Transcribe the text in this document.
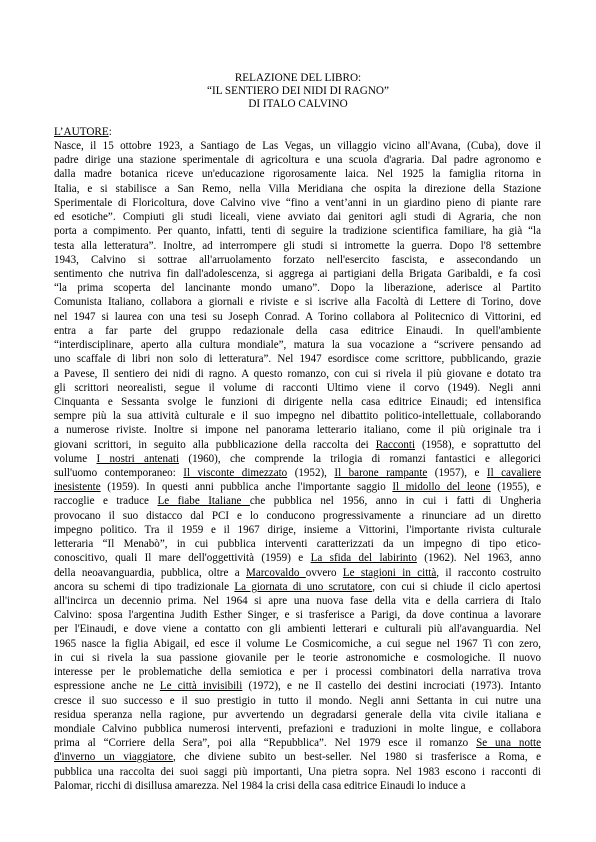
RELAZIONE DEL LIBRO:
“IL SENTIERO DEI NIDI DI RAGNO”
DI ITALO CALVINO
L’AUTORE:
Nasce, il 15 ottobre 1923, a Santiago de Las Vegas, un villaggio vicino all'Avana, (Cuba), dove il
padre dirige una stazione sperimentale di agricoltura e una scuola d'agraria. Dal padre agronomo e
dalla madre botanica riceve un'educazione rigorosamente laica. Nel 1925 la famiglia ritorna in
Italia, e si stabilisce a San Remo, nella Villa Meridiana che ospita la direzione della Stazione
Sperimentale di Floricoltura, dove Calvino vive “fino a vent’anni in un giardino pieno di piante rare
ed esotiche”. Compiuti gli studi liceali, viene avviato dai genitori agli studi di Agraria, che non
porta a compimento. Per quanto, infatti, tenti di seguire la tradizione scientifica familiare, ha già “la
testa alla letteratura”. Inoltre, ad interrompere gli studi si intromette la guerra. Dopo l'8 settembre
1943, Calvino si sottrae all'arruolamento forzato nell'esercito fascista, e assecondando un
sentimento che nutriva fin dall'adolescenza, si aggrega ai partigiani della Brigata Garibaldi, e fa così
“la prima scoperta del lancinante mondo umano”. Dopo la liberazione, aderisce al Partito
Comunista Italiano, collabora a giornali e riviste e si iscrive alla Facoltà di Lettere di Torino, dove
nel 1947 si laurea con una tesi su Joseph Conrad. A Torino collabora al Politecnico di Vittorini, ed
entra a far parte del gruppo redazionale della casa editrice Einaudi. In quell'ambiente
“interdisciplinare, aperto alla cultura mondiale”, matura la sua vocazione a “scrivere pensando ad
uno scaffale di libri non solo di letteratura”. Nel 1947 esordisce come scrittore, pubblicando, grazie
a Pavese, Il sentiero dei nidi di ragno. A questo romanzo, con cui si rivela il più giovane e dotato tra
gli scrittori neorealisti, segue il volume di racconti Ultimo viene il corvo (1949). Negli anni
Cinquanta e Sessanta svolge le funzioni di dirigente nella casa editrice Einaudi; ed intensifica
sempre più la sua attività culturale e il suo impegno nel dibattito politico-intellettuale, collaborando
a numerose riviste. Inoltre si impone nel panorama letterario italiano, come il più originale tra i
giovani scrittori, in seguito alla pubblicazione della raccolta dei Racconti (1958), e soprattutto del
volume I nostri antenati (1960), che comprende la trilogia di romanzi fantastici e allegorici
sull'uomo contemporaneo: Il visconte dimezzato (1952), Il barone rampante (1957), e Il cavaliere
inesistente (1959). In questi anni pubblica anche l'importante saggio Il midollo del leone (1955), e
raccoglie e traduce Le fiabe Italiane che pubblica nel 1956, anno in cui i fatti di Ungheria
provocano il suo distacco dal PCI e lo conducono progressivamente a rinunciare ad un diretto
impegno politico. Tra il 1959 e il 1967 dirige, insieme a Vittorini, l'importante rivista culturale
letteraria “Il Menabò”, in cui pubblica interventi caratterizzati da un impegno di tipo etico-
conoscitivo, quali Il mare dell'oggettività (1959) e La sfida del labirinto (1962). Nel 1963, anno
della neoavanguardia, pubblica, oltre a Marcovaldo ovvero Le stagioni in città, il racconto costruito
ancora su schemi di tipo tradizionale La giornata di uno scrutatore, con cui si chiude il ciclo apertosi
all'incirca un decennio prima. Nel 1964 si apre una nuova fase della vita e della carriera di Italo
Calvino: sposa l'argentina Judith Esther Singer, e si trasferisce a Parigi, da dove continua a lavorare
per l'Einaudi, e dove viene a contatto con gli ambienti letterari e culturali più all'avanguardia. Nel
1965 nasce la figlia Abigail, ed esce il volume Le Cosmicomiche, a cui segue nel 1967 Ti con zero,
in cui si rivela la sua passione giovanile per le teorie astronomiche e cosmologiche. Il nuovo
interesse per le problematiche della semiotica e per i processi combinatori della narrativa trova
espressione anche ne Le città invisibili (1972), e ne Il castello dei destini incrociati (1973). Intanto
cresce il suo successo e il suo prestigio in tutto il mondo. Negli anni Settanta in cui nutre una
residua speranza nella ragione, pur avvertendo un degradarsi generale della vita civile italiana e
mondiale Calvino pubblica numerosi interventi, prefazioni e traduzioni in molte lingue, e collabora
prima al “Corriere della Sera”, poi alla “Repubblica”. Nel 1979 esce il romanzo Se una notte
d'inverno un viaggiatore, che diviene subito un best-seller. Nel 1980 si trasferisce a Roma, e
pubblica una raccolta dei suoi saggi più importanti, Una pietra sopra. Nel 1983 escono i racconti di
Palomar, ricchi di disillusa amarezza. Nel 1984 la crisi della casa editrice Einaudi lo induce a
